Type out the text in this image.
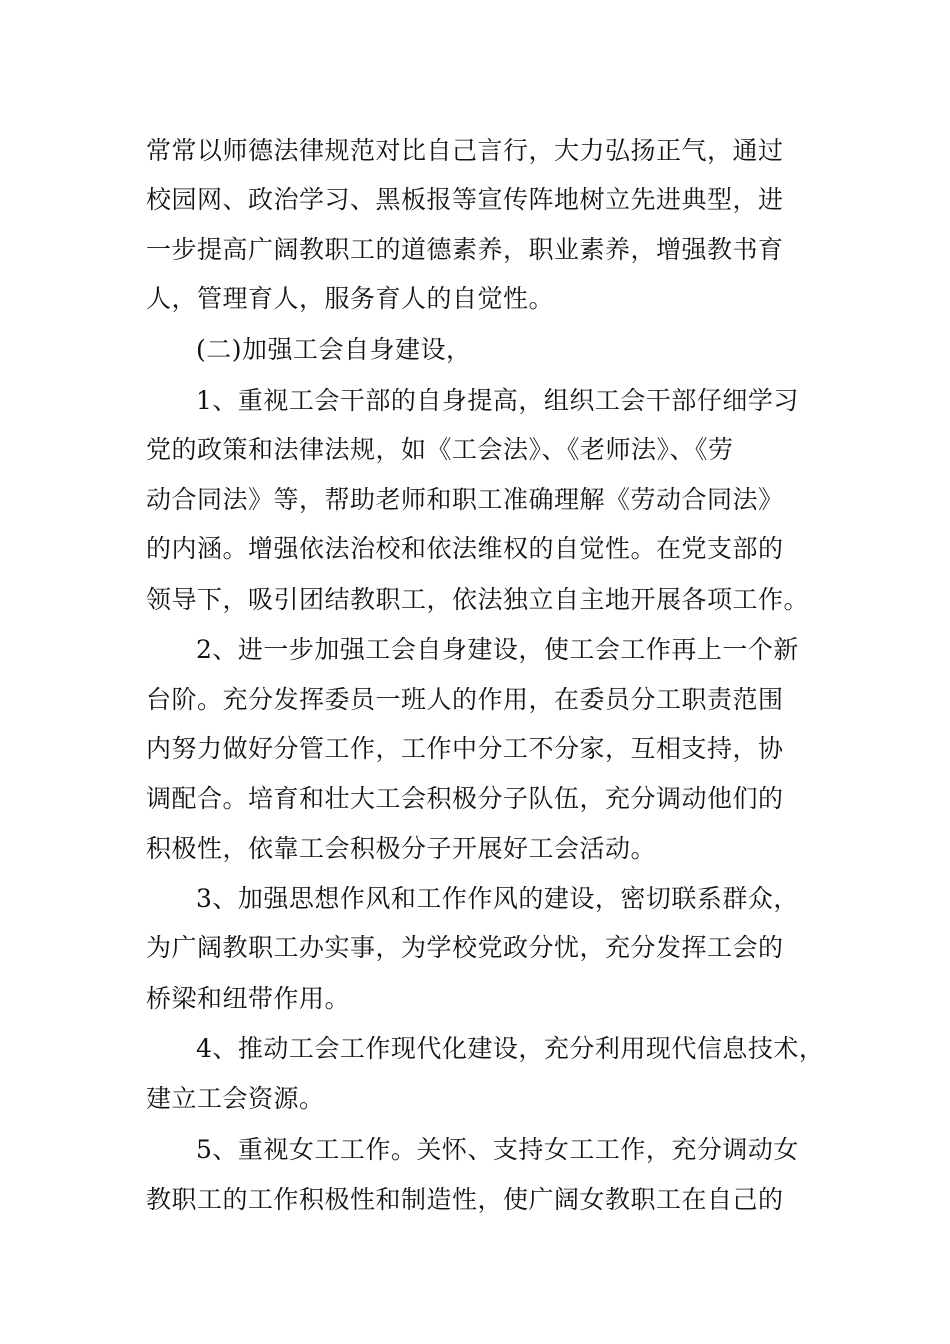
常常以师德法律规范对比自己言行，大力弘扬正气，通过
校园网、政治学习、黑板报等宣传阵地树立先进典型，进
一步提高广阔教职工的道德素养，职业素养，增强教书育
人，管理育人，服务育人的自觉性。
(二)加强工会自身建设，
1、重视工会干部的自身提高，组织工会干部仔细学习
党的政策和法律法规，如《工会法》、《老师法》、《劳
动合同法》等，帮助老师和职工准确理解《劳动合同法》
的内涵。增强依法治校和依法维权的自觉性。在党支部的
领导下，吸引团结教职工，依法独立自主地开展各项工作。
2、进一步加强工会自身建设，使工会工作再上一个新
台阶。充分发挥委员一班人的作用，在委员分工职责范围
内努力做好分管工作，工作中分工不分家，互相支持，协
调配合。培育和壮大工会积极分子队伍，充分调动他们的
积极性，依靠工会积极分子开展好工会活动。
3、加强思想作风和工作作风的建设，密切联系群众，
为广阔教职工办实事，为学校党政分忧，充分发挥工会的
桥梁和纽带作用。
4、推动工会工作现代化建设，充分利用现代信息技术，
建立工会资源。
5、重视女工工作。关怀、支持女工工作，充分调动女
教职工的工作积极性和制造性，使广阔女教职工在自己的
